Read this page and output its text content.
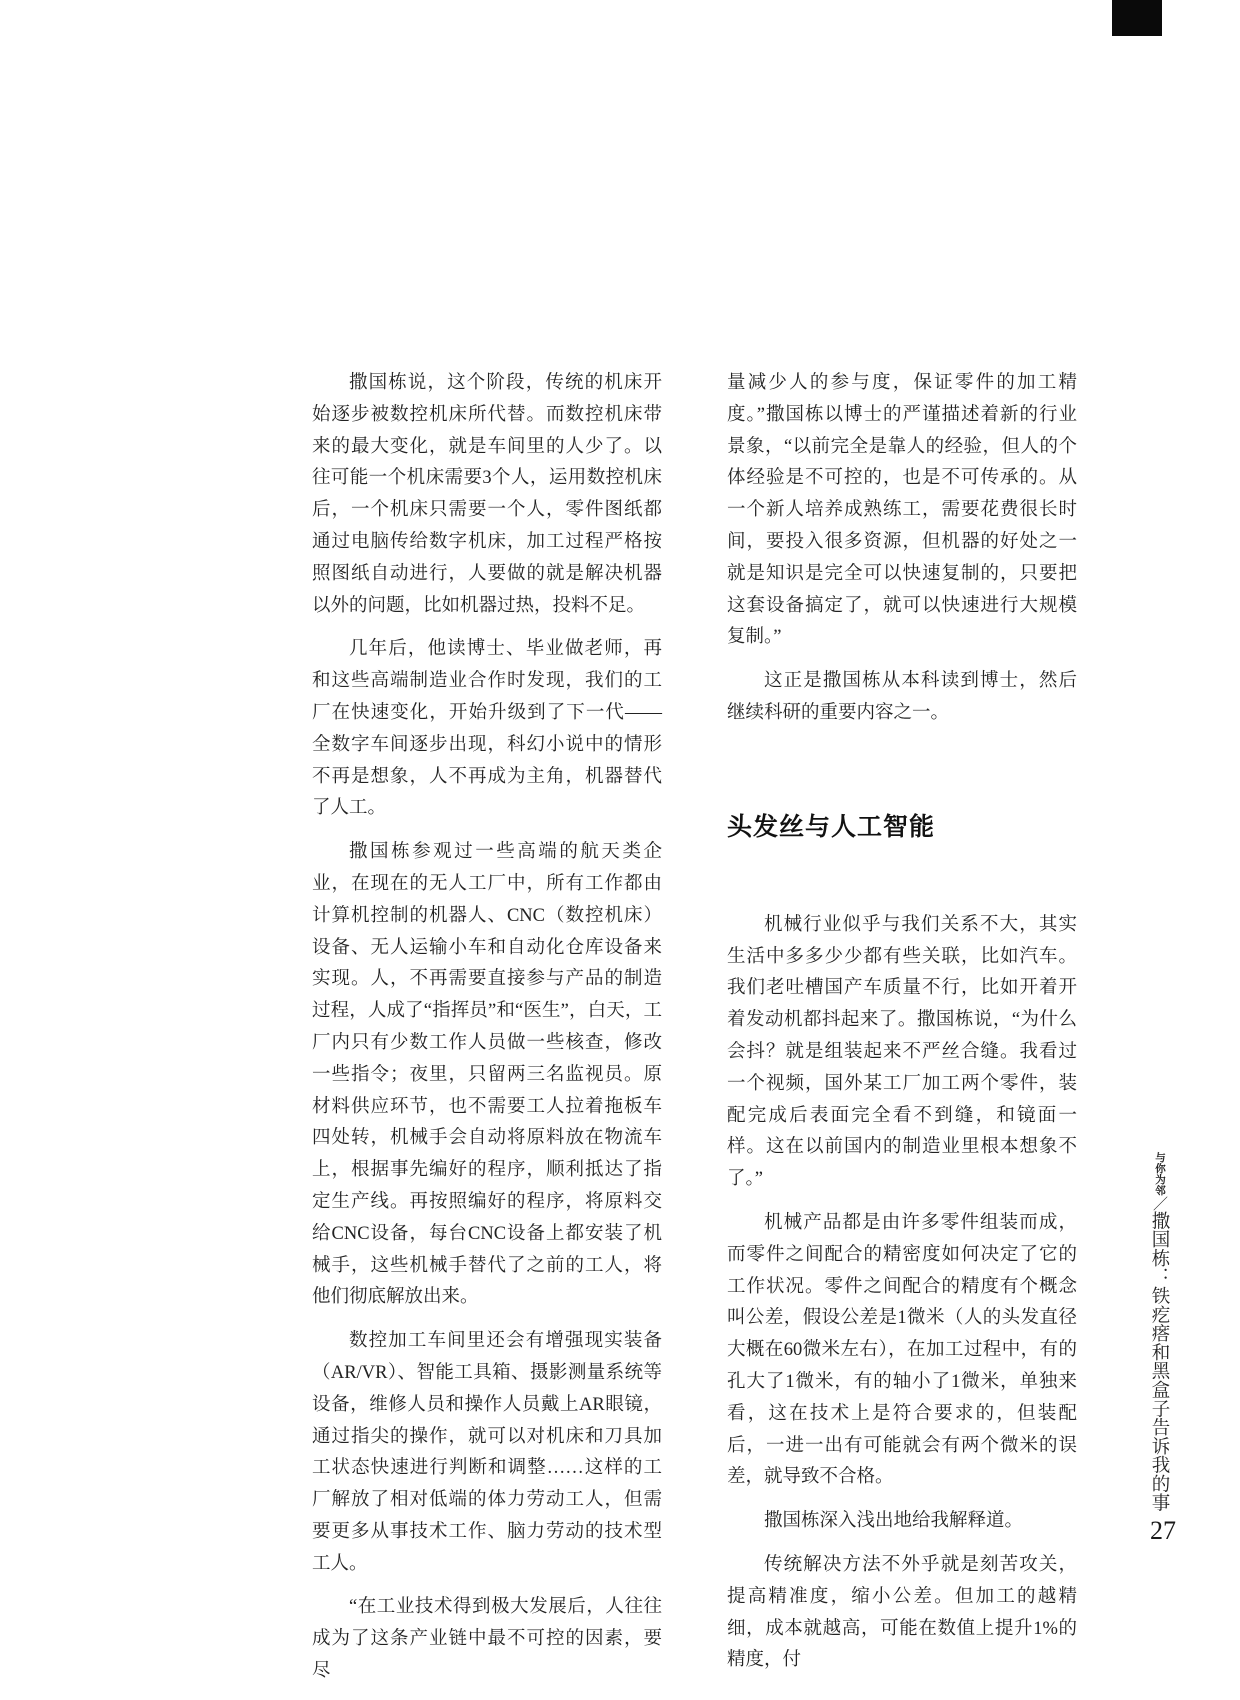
撒国栋说，这个阶段，传统的机床开始逐步被数控机床所代替。而数控机床带来的最大变化，就是车间里的人少了。以往可能一个机床需要3个人，运用数控机床后，一个机床只需要一个人，零件图纸都通过电脑传给数字机床，加工过程严格按照图纸自动进行，人要做的就是解决机器以外的问题，比如机器过热，投料不足。

几年后，他读博士、毕业做老师，再和这些高端制造业合作时发现，我们的工厂在快速变化，开始升级到了下一代——全数字车间逐步出现，科幻小说中的情形不再是想象，人不再成为主角，机器替代了人工。

撒国栋参观过一些高端的航天类企业，在现在的无人工厂中，所有工作都由计算机控制的机器人、CNC（数控机床）设备、无人运输小车和自动化仓库设备来实现。人，不再需要直接参与产品的制造过程，人成了“指挥员”和“医生”，白天，工厂内只有少数工作人员做一些核查，修改一些指令；夜里，只留两三名监视员。原材料供应环节，也不需要工人拉着拖板车四处转，机械手会自动将原料放在物流车上，根据事先编好的程序，顺利抵达了指定生产线。再按照编好的程序，将原料交给CNC设备，每台CNC设备上都安装了机械手，这些机械手替代了之前的工人，将他们彻底解放出来。

数控加工车间里还会有增强现实装备（AR/VR）、智能工具箱、摄影测量系统等设备，维修人员和操作人员戴上AR眼镜，通过指尖的操作，就可以对机床和刀具加工状态快速进行判断和调整……这样的工厂解放了相对低端的体力劳动工人，但需要更多从事技术工作、脑力劳动的技术型工人。

“在工业技术得到极大发展后，人往往成为了这条产业链中最不可控的因素，要尽

量减少人的参与度，保证零件的加工精度。”撒国栋以博士的严谨描述着新的行业景象，“以前完全是靠人的经验，但人的个体经验是不可控的，也是不可传承的。从一个新人培养成熟练工，需要花费很长时间，要投入很多资源，但机器的好处之一就是知识是完全可以快速复制的，只要把这套设备搞定了，就可以快速进行大规模复制。”

这正是撒国栋从本科读到博士，然后继续科研的重要内容之一。

头发丝与人工智能

机械行业似乎与我们关系不大，其实生活中多多少少都有些关联，比如汽车。我们老吐槽国产车质量不行，比如开着开着发动机都抖起来了。撒国栋说，“为什么会抖？就是组装起来不严丝合缝。我看过一个视频，国外某工厂加工两个零件，装配完成后表面完全看不到缝，和镜面一样。这在以前国内的制造业里根本想象不了。”

机械产品都是由许多零件组装而成，而零件之间配合的精密度如何决定了它的工作状况。零件之间配合的精度有个概念叫公差，假设公差是1微米（人的头发直径大概在60微米左右），在加工过程中，有的孔大了1微米，有的轴小了1微米，单独来看，这在技术上是符合要求的，但装配后，一进一出有可能就会有两个微米的误差，就导致不合格。

撒国栋深入浅出地给我解释道。

传统解决方法不外乎就是刻苦攻关，提高精准度，缩小公差。但加工的越精细，成本就越高，可能在数值上提升1%的精度，付

与你为邻／撒国栋：铁疙瘩和黑盒子告诉我的事
27
